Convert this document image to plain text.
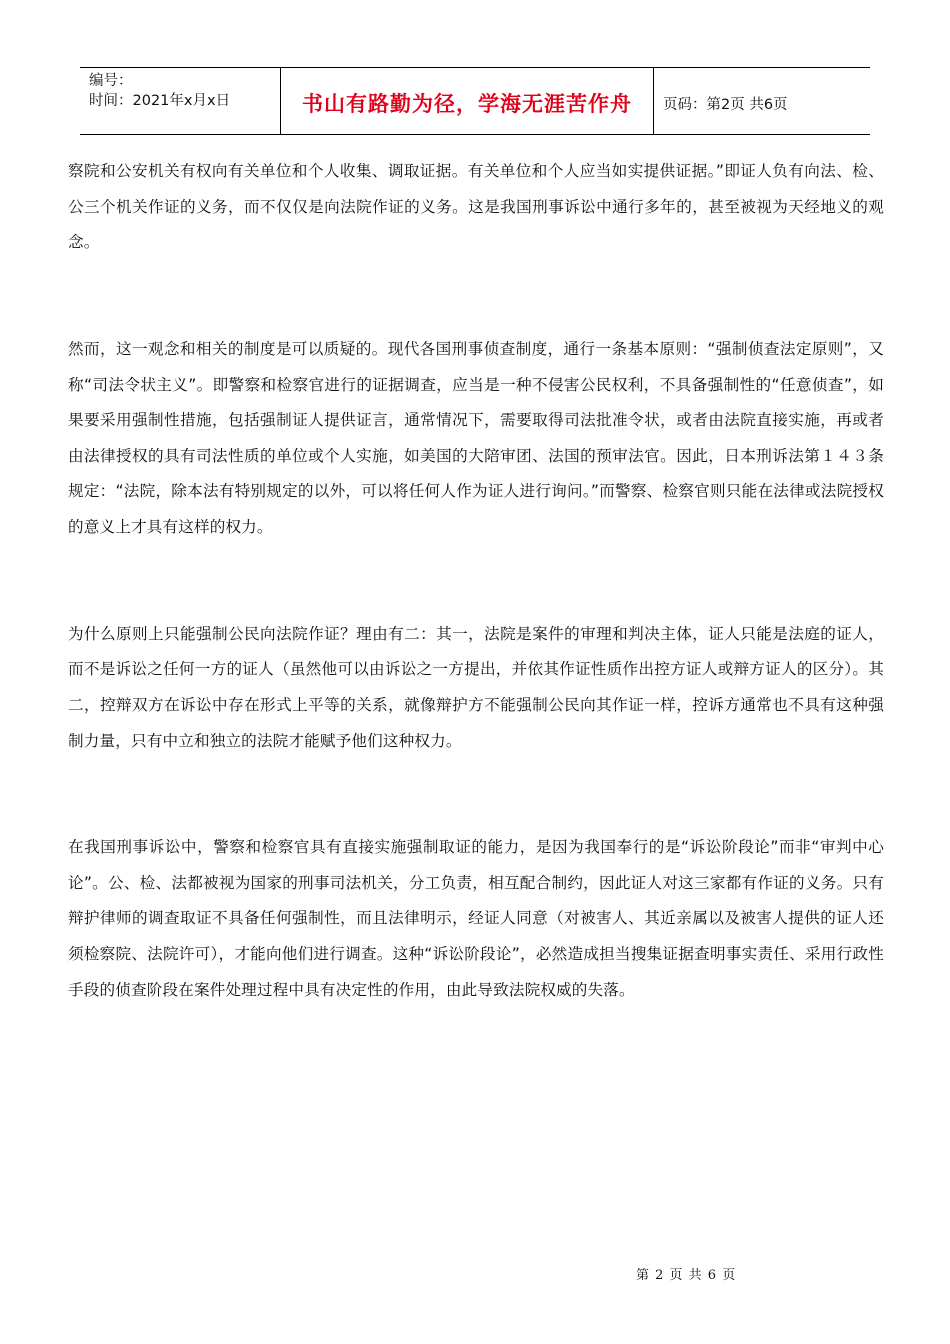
编号：
时间：2021年x月x日	书山有路勤为径，学海无涯苦作舟 页码：第2页 共6页

察院和公安机关有权向有关单位和个人收集、调取证据。有关单位和个人应当如实提供证据。”即证人负有向法、检、公三个机关作证的义务，而不仅仅是向法院作证的义务。这是我国刑事诉讼中通行多年的，甚至被视为天经地义的观念。

然而，这一观念和相关的制度是可以质疑的。现代各国刑事侦查制度，通行一条基本原则：“强制侦查法定原则”，又称“司法令状主义”。即警察和检察官进行的证据调查，应当是一种不侵害公民权利，不具备强制性的“任意侦查”，如果要采用强制性措施，包括强制证人提供证言，通常情况下，需要取得司法批准令状，或者由法院直接实施，再或者由法律授权的具有司法性质的单位或个人实施，如美国的大陪审团、法国的预审法官。因此，日本刑诉法第１４３条规定：“法院，除本法有特别规定的以外，可以将任何人作为证人进行询问。”而警察、检察官则只能在法律或法院授权的意义上才具有这样的权力。

为什么原则上只能强制公民向法院作证？理由有二：其一，法院是案件的审理和判决主体，证人只能是法庭的证人，而不是诉讼之任何一方的证人（虽然他可以由诉讼之一方提出，并依其作证性质作出控方证人或辩方证人的区分）。其二，控辩双方在诉讼中存在形式上平等的关系，就像辩护方不能强制公民向其作证一样，控诉方通常也不具有这种强制力量，只有中立和独立的法院才能赋予他们这种权力。

在我国刑事诉讼中，警察和检察官具有直接实施强制取证的能力，是因为我国奉行的是“诉讼阶段论”而非“审判中心论”。公、检、法都被视为国家的刑事司法机关，分工负责，相互配合制约，因此证人对这三家都有作证的义务。只有辩护律师的调查取证不具备任何强制性，而且法律明示，经证人同意（对被害人、其近亲属以及被害人提供的证人还须检察院、法院许可），才能向他们进行调查。这种“诉讼阶段论”，必然造成担当搜集证据查明事实责任、采用行政性手段的侦查阶段在案件处理过程中具有决定性的作用，由此导致法院权威的失落。

第 2 页 共 6 页
